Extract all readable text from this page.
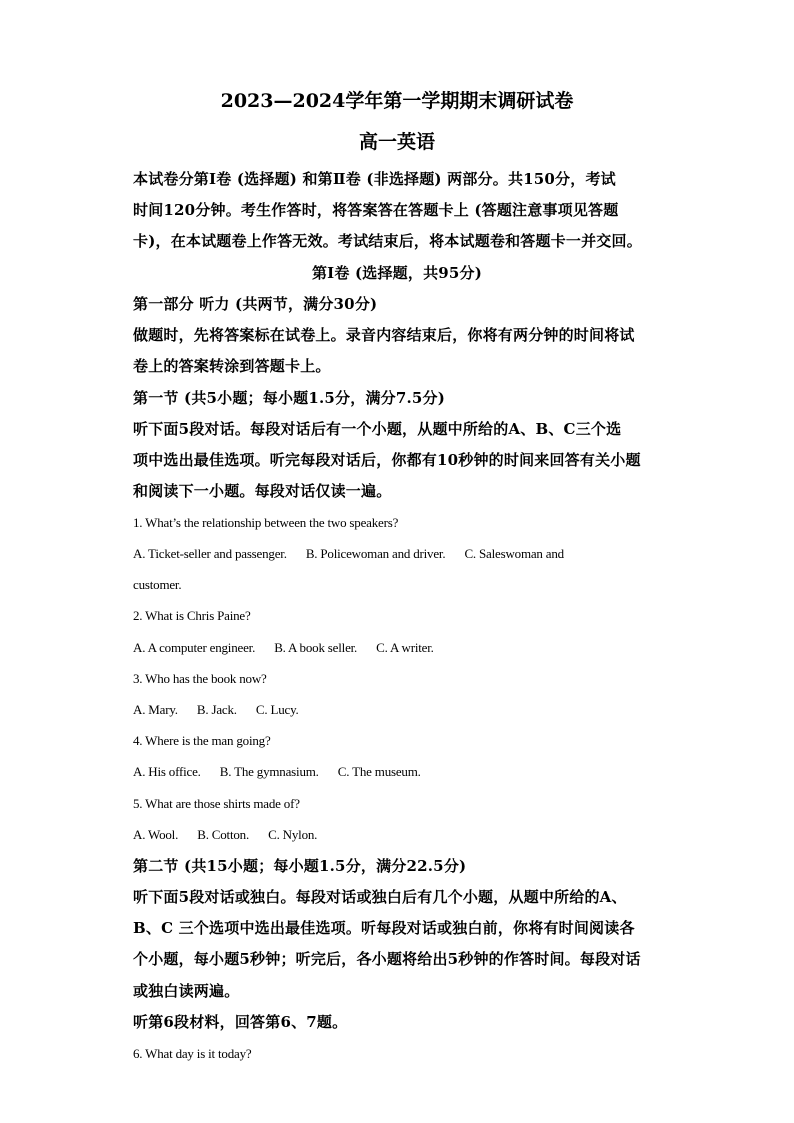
2023—2024学年第一学期期末调研试卷
高一英语
本试卷分第Ⅰ卷 (选择题) 和第Ⅱ卷 (非选择题) 两部分。共150分，考试
时间120分钟。考生作答时，将答案答在答题卡上 (答题注意事项见答题
卡)，在本试题卷上作答无效。考试结束后，将本试题卷和答题卡一并交回。
第Ⅰ卷 (选择题，共95分)
第一部分 听力 (共两节，满分30分)
做题时，先将答案标在试卷上。录音内容结束后，你将有两分钟的时间将试
卷上的答案转涂到答题卡上。
第一节 (共5小题；每小题1.5分，满分7.5分)
听下面5段对话。每段对话后有一个小题，从题中所给的A、B、C三个选
项中选出最佳选项。听完每段对话后，你都有10秒钟的时间来回答有关小题
和阅读下一小题。每段对话仅读一遍。
1. What’s the relationship between the two speakers?
A. Ticket-seller and passenger. B. Policewoman and driver. C. Saleswoman and
customer.
2. What is Chris Paine?
A. A computer engineer. B. A book seller. C. A writer.
3. Who has the book now?
A. Mary. B. Jack. C. Lucy.
4. Where is the man going?
A. His office. B. The gymnasium. C. The museum.
5. What are those shirts made of?
A. Wool. B. Cotton. C. Nylon.
第二节 (共15小题；每小题1.5分，满分22.5分)
听下面5段对话或独白。每段对话或独白后有几个小题，从题中所给的A、
B、C 三个选项中选出最佳选项。听每段对话或独白前，你将有时间阅读各
个小题，每小题5秒钟；听完后，各小题将给出5秒钟的作答时间。每段对话
或独白读两遍。
听第6段材料，回答第6、7题。
6. What day is it today?
